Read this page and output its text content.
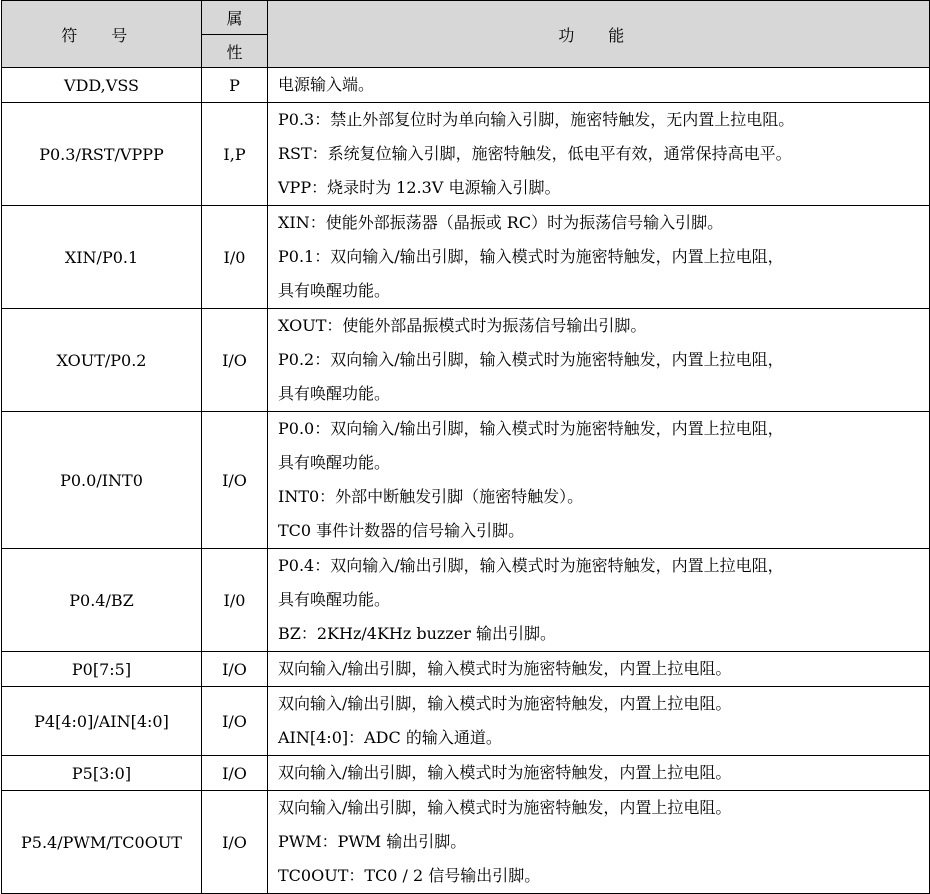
符 号	属	功 能
	性	
VDD,VSS	P	电源输入端。

P0.3/RST/VPPP	I,P	P0.3：禁止外部复位时为单向输入引脚，施密特触发，无内置上拉电阻。
RST：系统复位输入引脚，施密特触发，低电平有效，通常保持高电平。
VPP：烧录时为 12.3V 电源输入引脚。

XIN/P0.1	I/0	XIN：使能外部振荡器（晶振或 RC）时为振荡信号输入引脚。
P0.1：双向输入/输出引脚，输入模式时为施密特触发，内置上拉电阻，
具有唤醒功能。

XOUT/P0.2	I/O	XOUT：使能外部晶振模式时为振荡信号输出引脚。
P0.2：双向输入/输出引脚，输入模式时为施密特触发，内置上拉电阻，
具有唤醒功能。

P0.0/INT0	I/O	P0.0：双向输入/输出引脚，输入模式时为施密特触发，内置上拉电阻，
具有唤醒功能。
INT0：外部中断触发引脚（施密特触发）。
TC0 事件计数器的信号输入引脚。

P0.4/BZ	I/0	P0.4：双向输入/输出引脚，输入模式时为施密特触发，内置上拉电阻，
具有唤醒功能。
BZ：2KHz/4KHz buzzer 输出引脚。

P0[7:5]	I/O	双向输入/输出引脚，输入模式时为施密特触发，内置上拉电阻。

P4[4:0]/AIN[4:0]	I/O	双向输入/输出引脚，输入模式时为施密特触发，内置上拉电阻。
AIN[4:0]：ADC 的输入通道。

P5[3:0]	I/O	双向输入/输出引脚，输入模式时为施密特触发，内置上拉电阻。

P5.4/PWM/TC0OUT	I/O	双向输入/输出引脚，输入模式时为施密特触发，内置上拉电阻。
PWM：PWM 输出引脚。
TC0OUT：TC0 / 2 信号输出引脚。
